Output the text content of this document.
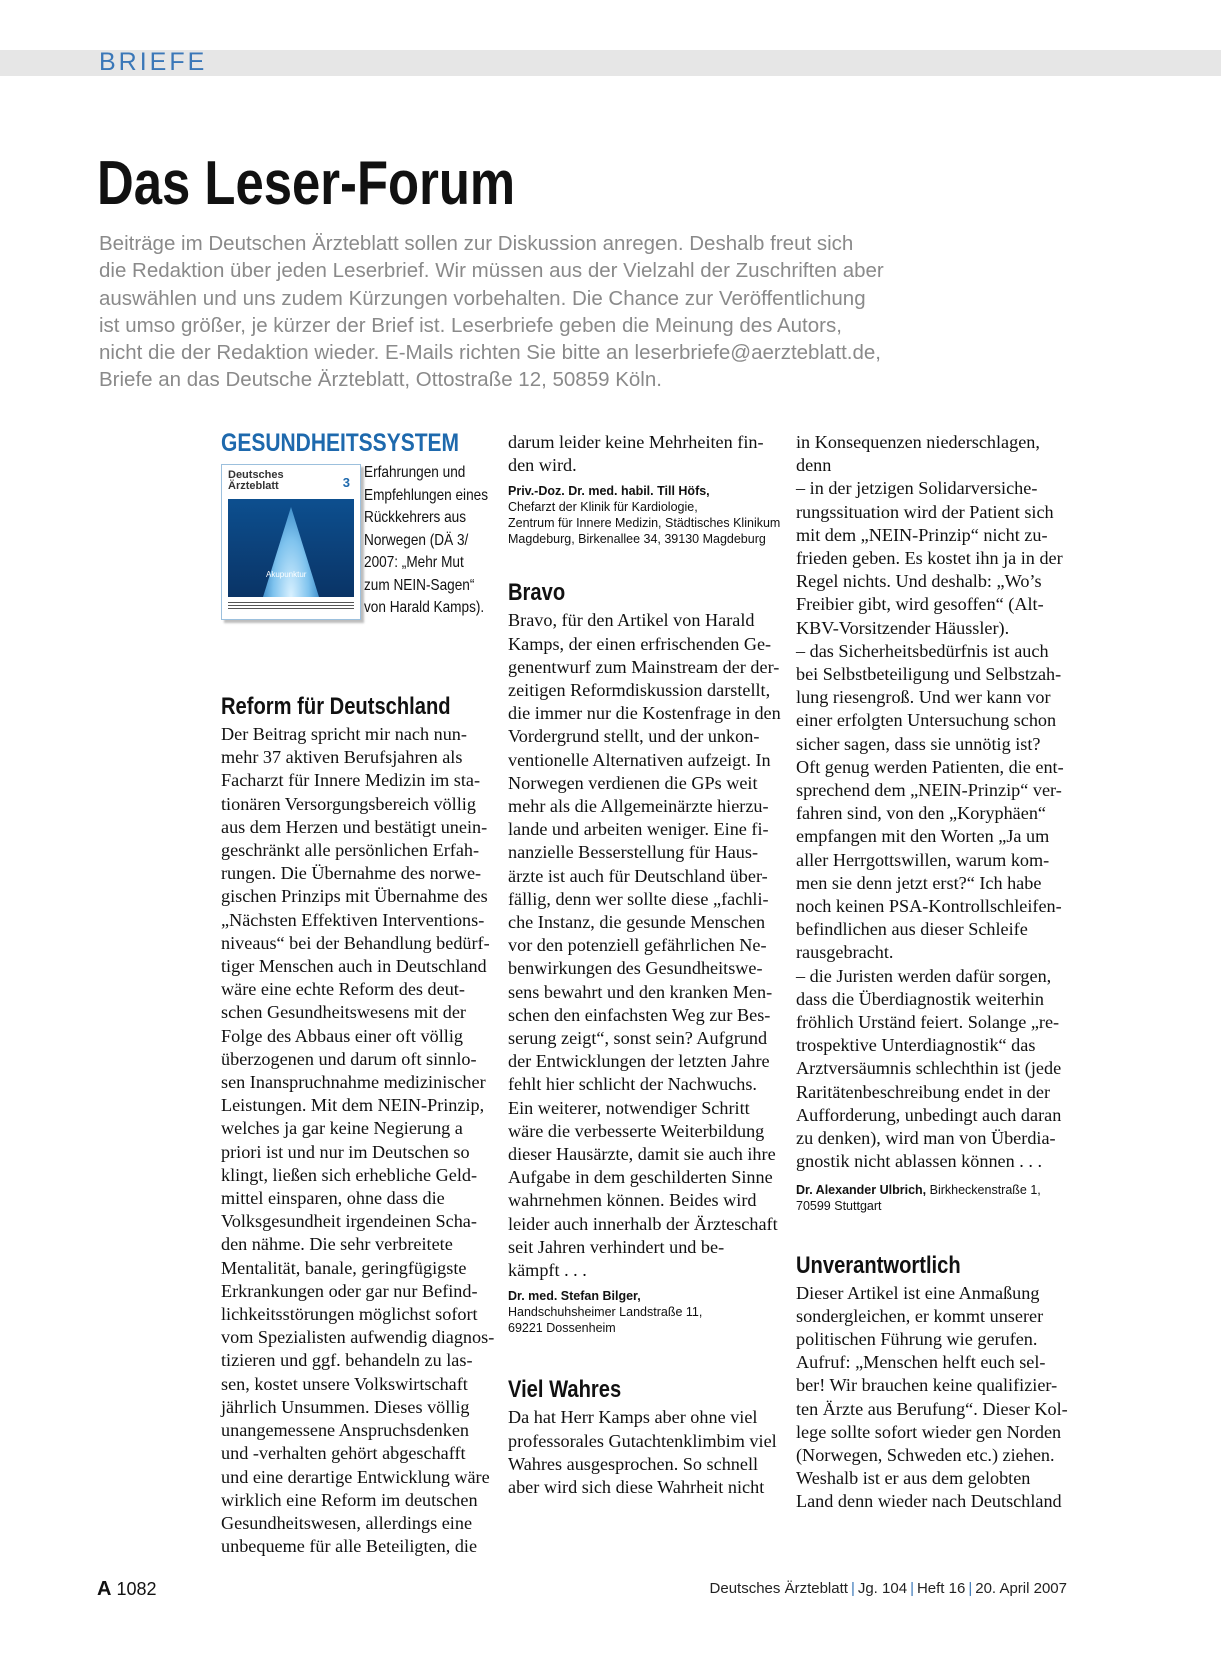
BRIEFE
Das Leser-Forum
Beiträge im Deutschen Ärzteblatt sollen zur Diskussion anregen. Deshalb freut sich
die Redaktion über jeden Leserbrief. Wir müssen aus der Vielzahl der Zuschriften aber
auswählen und uns zudem Kürzungen vorbehalten. Die Chance zur Veröffentlichung
ist umso größer, je kürzer der Brief ist. Leserbriefe geben die Meinung des Autors,
nicht die der Redaktion wieder. E-Mails richten Sie bitte an leserbriefe@aerzteblatt.de,
Briefe an das Deutsche Ärzteblatt, Ottostraße 12, 50859 Köln.
GESUNDHEITSSYSTEM
Deutsches
Ärzteblatt	3
Akupunktur
Erfahrungen und
Empfehlungen eines
Rückkehrers aus
Norwegen (DÄ 3/
2007: „Mehr Mut
zum NEIN-Sagen“
von Harald Kamps).
Reform für Deutschland
Der Beitrag spricht mir nach nun-
mehr 37 aktiven Berufsjahren als
Facharzt für Innere Medizin im sta-
tionären Versorgungsbereich völlig
aus dem Herzen und bestätigt unein-
geschränkt alle persönlichen Erfah-
rungen. Die Übernahme des norwe-
gischen Prinzips mit Übernahme des
„Nächsten Effektiven Interventions-
niveaus“ bei der Behandlung bedürf-
tiger Menschen auch in Deutschland
wäre eine echte Reform des deut-
schen Gesundheitswesens mit der
Folge des Abbaus einer oft völlig
überzogenen und darum oft sinnlo-
sen Inanspruchnahme medizinischer
Leistungen. Mit dem NEIN-Prinzip,
welches ja gar keine Negierung a
priori ist und nur im Deutschen so
klingt, ließen sich erhebliche Geld-
mittel einsparen, ohne dass die
Volksgesundheit irgendeinen Scha-
den nähme. Die sehr verbreitete
Mentalität, banale, geringfügigste
Erkrankungen oder gar nur Befind-
lichkeitsstörungen möglichst sofort
vom Spezialisten aufwendig diagnos-
tizieren und ggf. behandeln zu las-
sen, kostet unsere Volkswirtschaft
jährlich Unsummen. Dieses völlig
unangemessene Anspruchsdenken
und -verhalten gehört abgeschafft
und eine derartige Entwicklung wäre
wirklich eine Reform im deutschen
Gesundheitswesen, allerdings eine
unbequeme für alle Beteiligten, die
darum leider keine Mehrheiten fin-
den wird.
Priv.-Doz. Dr. med. habil. Till Höfs,
Chefarzt der Klinik für Kardiologie,
Zentrum für Innere Medizin, Städtisches Klinikum
Magdeburg, Birkenallee 34, 39130 Magdeburg
Bravo
Bravo, für den Artikel von Harald
Kamps, der einen erfrischenden Ge-
genentwurf zum Mainstream der der-
zeitigen Reformdiskussion darstellt,
die immer nur die Kostenfrage in den
Vordergrund stellt, und der unkon-
ventionelle Alternativen aufzeigt. In
Norwegen verdienen die GPs weit
mehr als die Allgemeinärzte hierzu-
lande und arbeiten weniger. Eine fi-
nanzielle Besserstellung für Haus-
ärzte ist auch für Deutschland über-
fällig, denn wer sollte diese „fachli-
che Instanz, die gesunde Menschen
vor den potenziell gefährlichen Ne-
benwirkungen des Gesundheitswe-
sens bewahrt und den kranken Men-
schen den einfachsten Weg zur Bes-
serung zeigt“, sonst sein? Aufgrund
der Entwicklungen der letzten Jahre
fehlt hier schlicht der Nachwuchs.
Ein weiterer, notwendiger Schritt
wäre die verbesserte Weiterbildung
dieser Hausärzte, damit sie auch ihre
Aufgabe in dem geschilderten Sinne
wahrnehmen können. Beides wird
leider auch innerhalb der Ärzteschaft
seit Jahren verhindert und be-
kämpft . . .
Dr. med. Stefan Bilger,
Handschuhsheimer Landstraße 11,
69221 Dossenheim
Viel Wahres
Da hat Herr Kamps aber ohne viel
professorales Gutachtenklimbim viel
Wahres ausgesprochen. So schnell
aber wird sich diese Wahrheit nicht
in Konsequenzen niederschlagen,
denn
– in der jetzigen Solidarversiche-
rungssituation wird der Patient sich
mit dem „NEIN-Prinzip“ nicht zu-
frieden geben. Es kostet ihn ja in der
Regel nichts. Und deshalb: „Wo’s
Freibier gibt, wird gesoffen“ (Alt-
KBV-Vorsitzender Häussler).
– das Sicherheitsbedürfnis ist auch
bei Selbstbeteiligung und Selbstzah-
lung riesengroß. Und wer kann vor
einer erfolgten Untersuchung schon
sicher sagen, dass sie unnötig ist?
Oft genug werden Patienten, die ent-
sprechend dem „NEIN-Prinzip“ ver-
fahren sind, von den „Koryphäen“
empfangen mit den Worten „Ja um
aller Herrgottswillen, warum kom-
men sie denn jetzt erst?“ Ich habe
noch keinen PSA-Kontrollschleifen-
befindlichen aus dieser Schleife
rausgebracht.
– die Juristen werden dafür sorgen,
dass die Überdiagnostik weiterhin
fröhlich Urständ feiert. Solange „re-
trospektive Unterdiagnostik“ das
Arztversäumnis schlechthin ist (jede
Raritätenbeschreibung endet in der
Aufforderung, unbedingt auch daran
zu denken), wird man von Überdia-
gnostik nicht ablassen können . . .
Dr. Alexander Ulbrich, Birkheckenstraße 1,
70599 Stuttgart
Unverantwortlich
Dieser Artikel ist eine Anmaßung
sondergleichen, er kommt unserer
politischen Führung wie gerufen.
Aufruf: „Menschen helft euch sel-
ber! Wir brauchen keine qualifizier-
ten Ärzte aus Berufung“. Dieser Kol-
lege sollte sofort wieder gen Norden
(Norwegen, Schweden etc.) ziehen.
Weshalb ist er aus dem gelobten
Land denn wieder nach Deutschland
A 1082	Deutsches Ärzteblatt | Jg. 104 | Heft 16 | 20. April 2007
